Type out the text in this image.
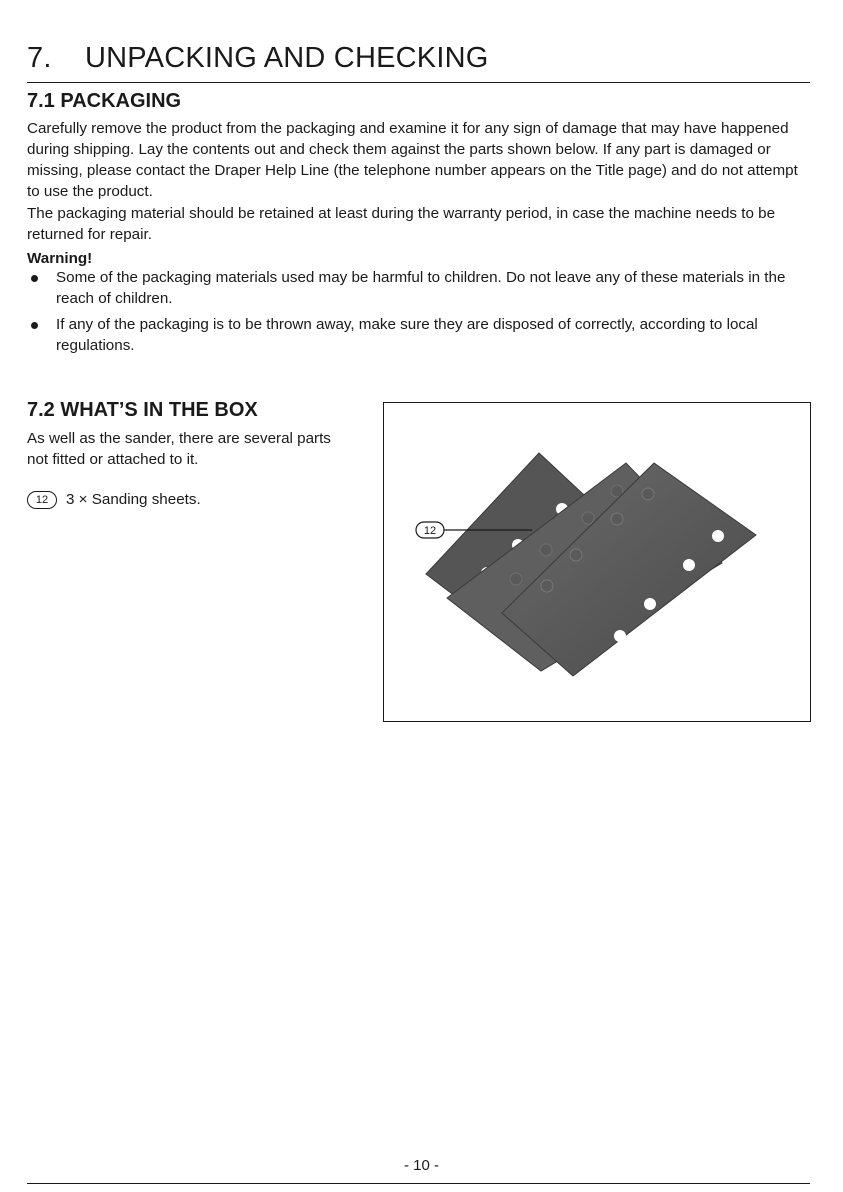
7. UNPACKING AND CHECKING
7.1 PACKAGING

Carefully remove the product from the packaging and examine it for any sign of damage that may have happened during shipping. Lay the contents out and check them against the parts shown below. If any part is damaged or missing, please contact the Draper Help Line (the telephone number appears on the Title page) and do not attempt to use the product.

The packaging material should be retained at least during the warranty period, in case the machine needs to be returned for repair.

Warning!

Some of the packaging materials used may be harmful to children. Do not leave any of these materials in the reach of children.
If any of the packaging is to be thrown away, make sure they are disposed of correctly, according to local regulations.
7.2 WHAT’S IN THE BOX

As well as the sander, there are several parts not fitted or attached to it.

12	3 × Sanding sheets.
12
- 10 -
